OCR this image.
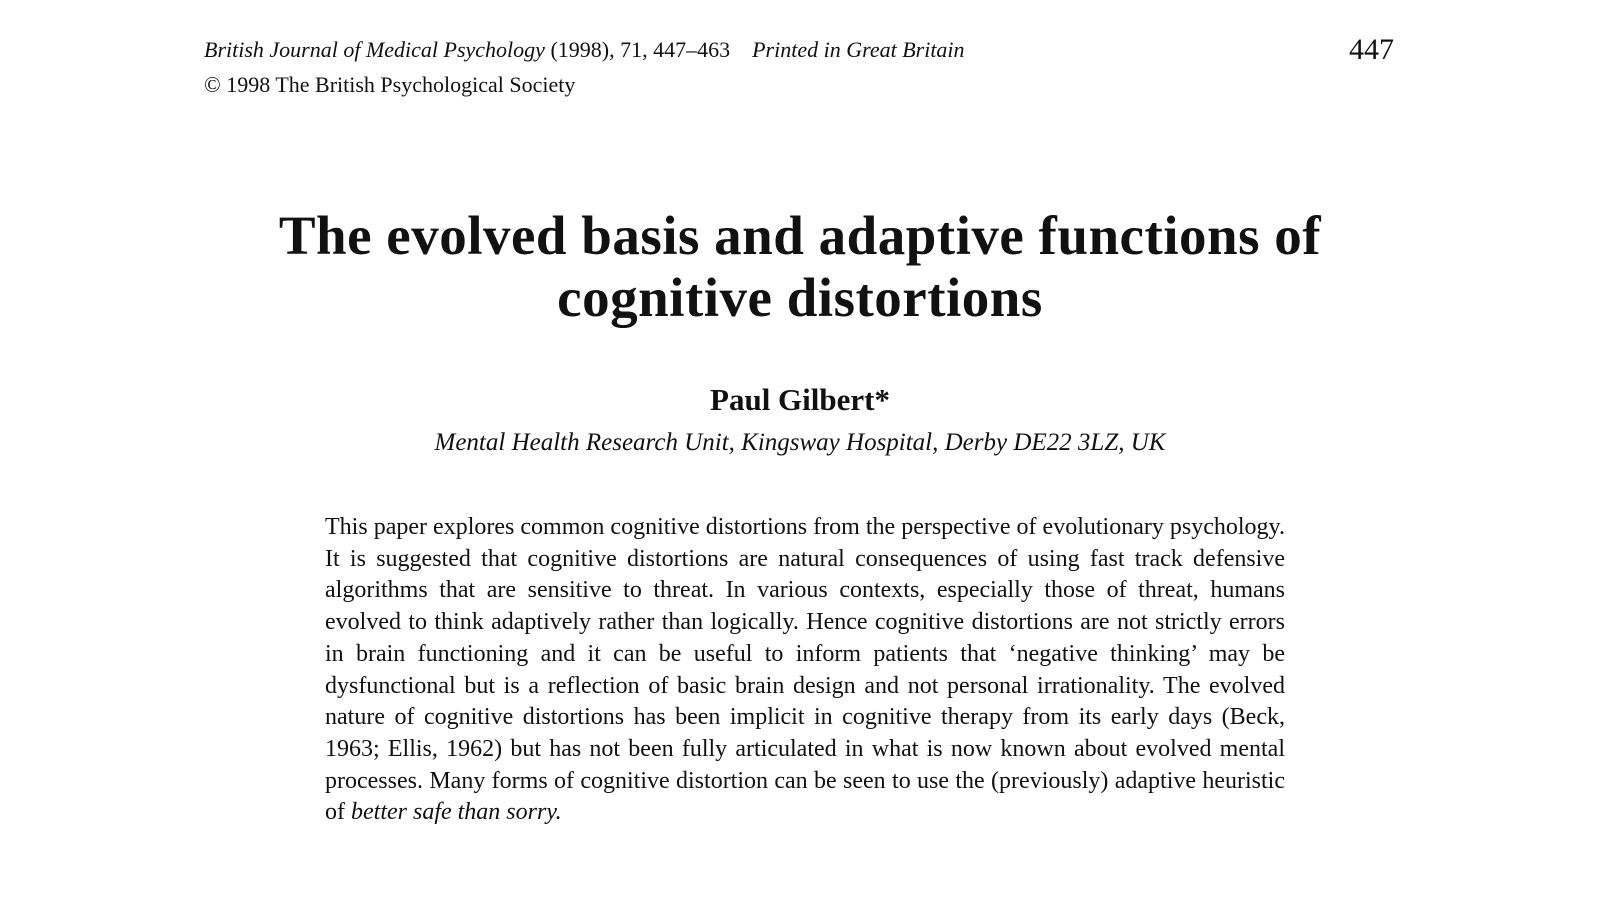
British Journal of Medical Psychology (1998), 71, 447–463 Printed in Great Britain
© 1998 The British Psychological Society
447
The evolved basis and adaptive functions of
cognitive distortions
Paul Gilbert*
Mental Health Research Unit, Kingsway Hospital, Derby DE22 3LZ, UK

This paper explores common cognitive distortions from the perspective of evolutionary psychology. It is suggested that cognitive distortions are natural consequences of using fast track defensive algorithms that are sensitive to threat. In various contexts, especially those of threat, humans evolved to think adaptively rather than logically. Hence cognitive distortions are not strictly errors in brain functioning and it can be useful to inform patients that ‘negative thinking’ may be dysfunctional but is a reflection of basic brain design and not personal irrationality. The evolved nature of cognitive distortions has been implicit in cognitive therapy from its early days (Beck, 1963; Ellis, 1962) but has not been fully articulated in what is now known about evolved mental processes. Many forms of cognitive distortion can be seen to use the (previously) adaptive heuristic of better safe than sorry.
